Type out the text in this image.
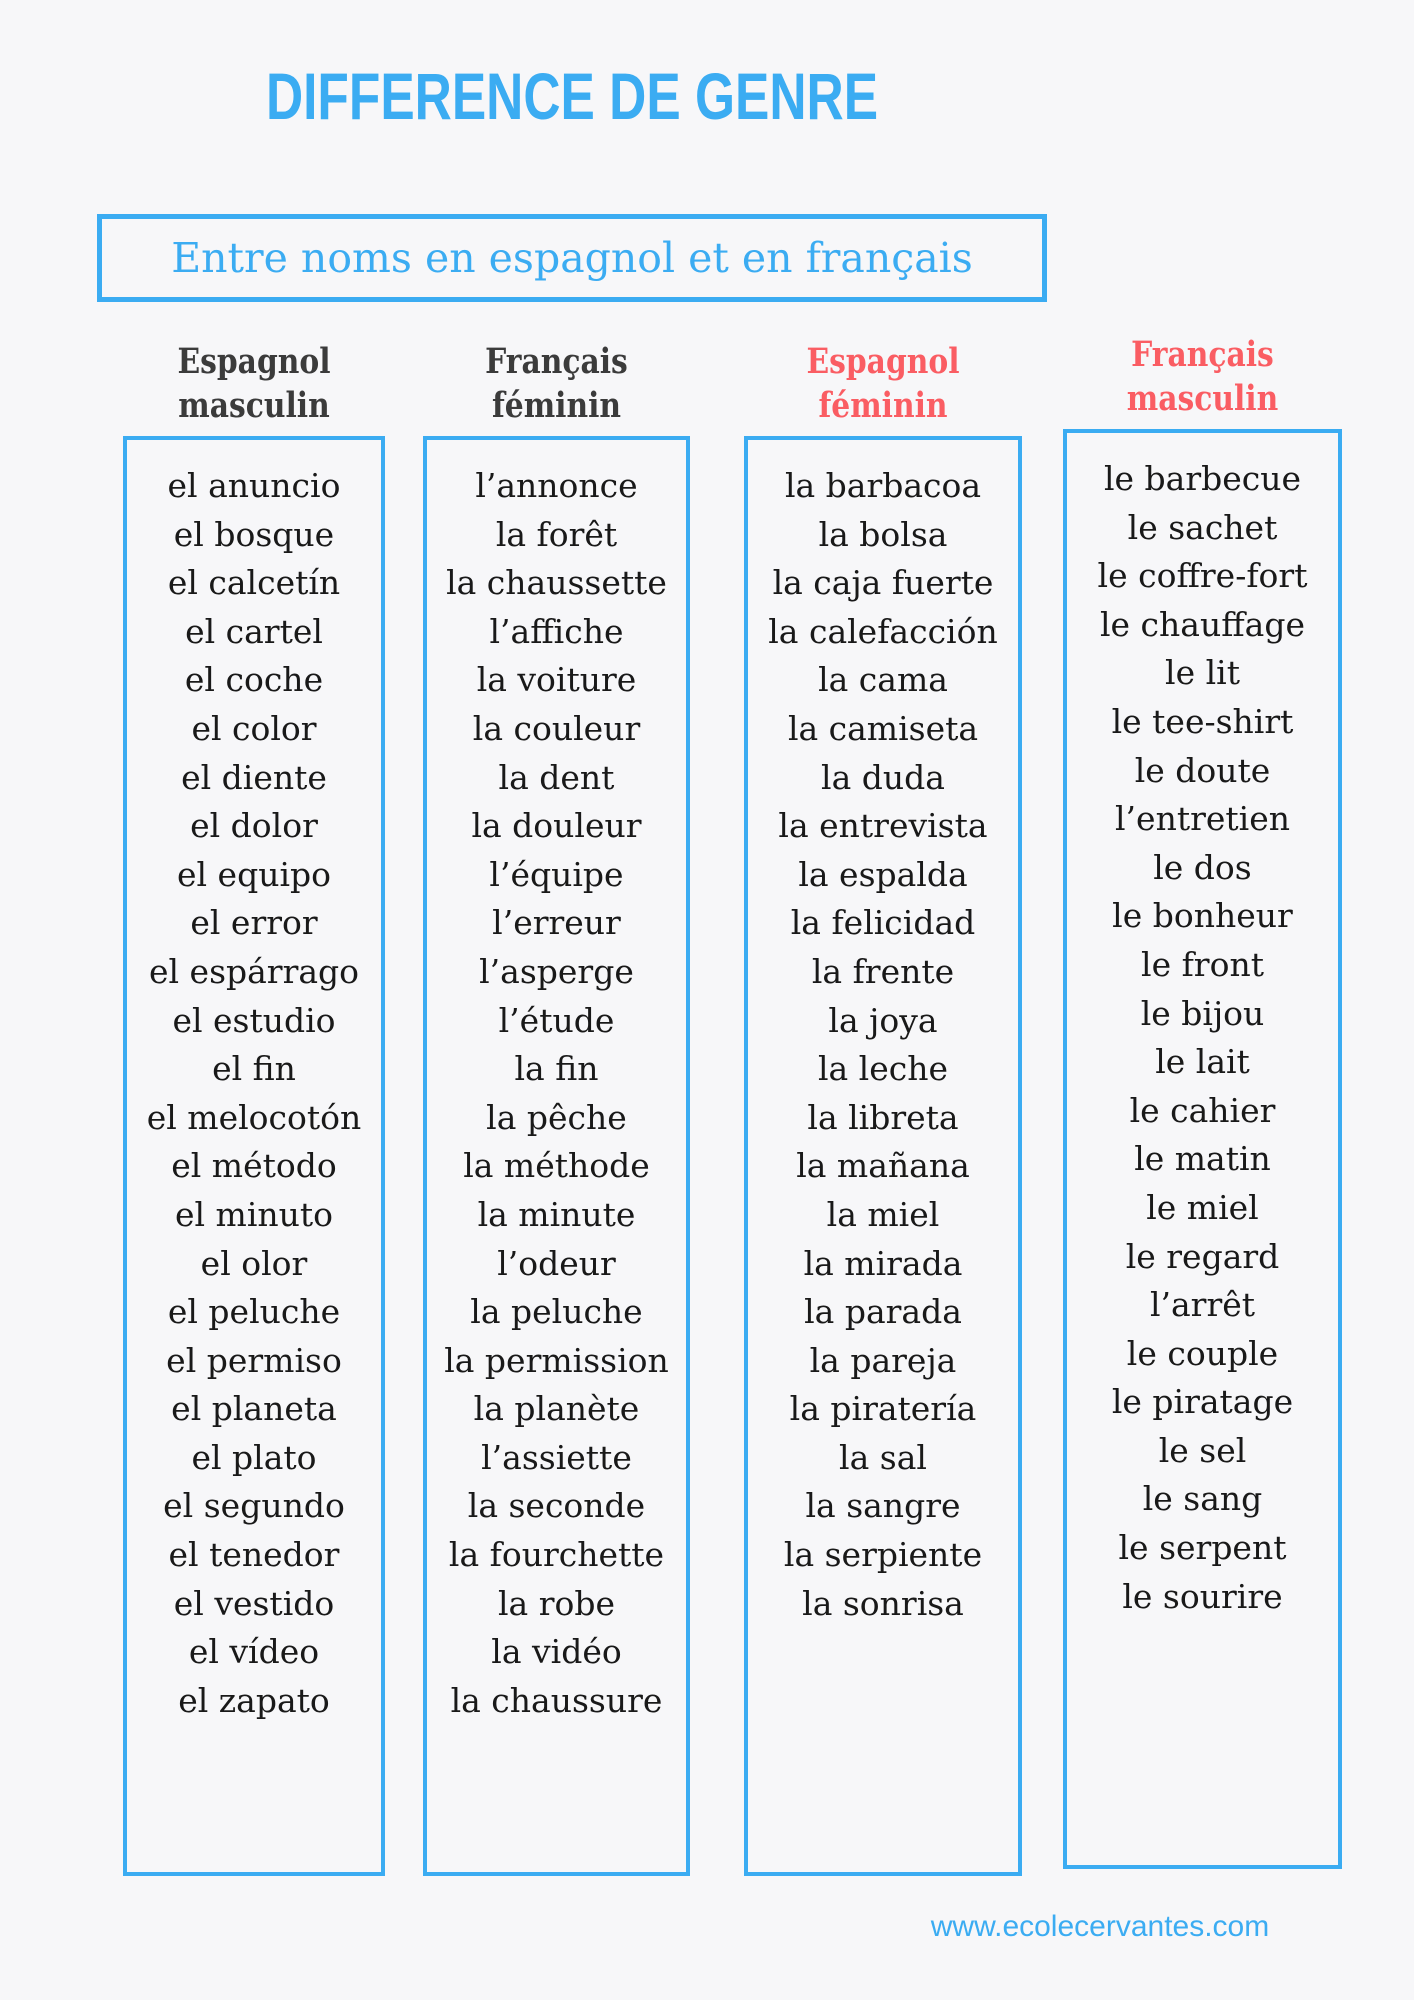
DIFFERENCE DE GENRE
Entre noms en espagnol et en français
Espagnol
masculin
el anuncio
el bosque
el calcetín
el cartel
el coche
el color
el diente
el dolor
el equipo
el error
el espárrago
el estudio
el fin
el melocotón
el método
el minuto
el olor
el peluche
el permiso
el planeta
el plato
el segundo
el tenedor
el vestido
el vídeo
el zapato
Français
féminin
l’annonce
la forêt
la chaussette
l’affiche
la voiture
la couleur
la dent
la douleur
l’équipe
l’erreur
l’asperge
l’étude
la fin
la pêche
la méthode
la minute
l’odeur
la peluche
la permission
la planète
l’assiette
la seconde
la fourchette
la robe
la vidéo
la chaussure
Espagnol
féminin
la barbacoa
la bolsa
la caja fuerte
la calefacción
la cama
la camiseta
la duda
la entrevista
la espalda
la felicidad
la frente
la joya
la leche
la libreta
la mañana
la miel
la mirada
la parada
la pareja
la piratería
la sal
la sangre
la serpiente
la sonrisa
Français
masculin
le barbecue
le sachet
le coffre-fort
le chauffage
le lit
le tee-shirt
le doute
l’entretien
le dos
le bonheur
le front
le bijou
le lait
le cahier
le matin
le miel
le regard
l’arrêt
le couple
le piratage
le sel
le sang
le serpent
le sourire
www.ecolecervantes.com
